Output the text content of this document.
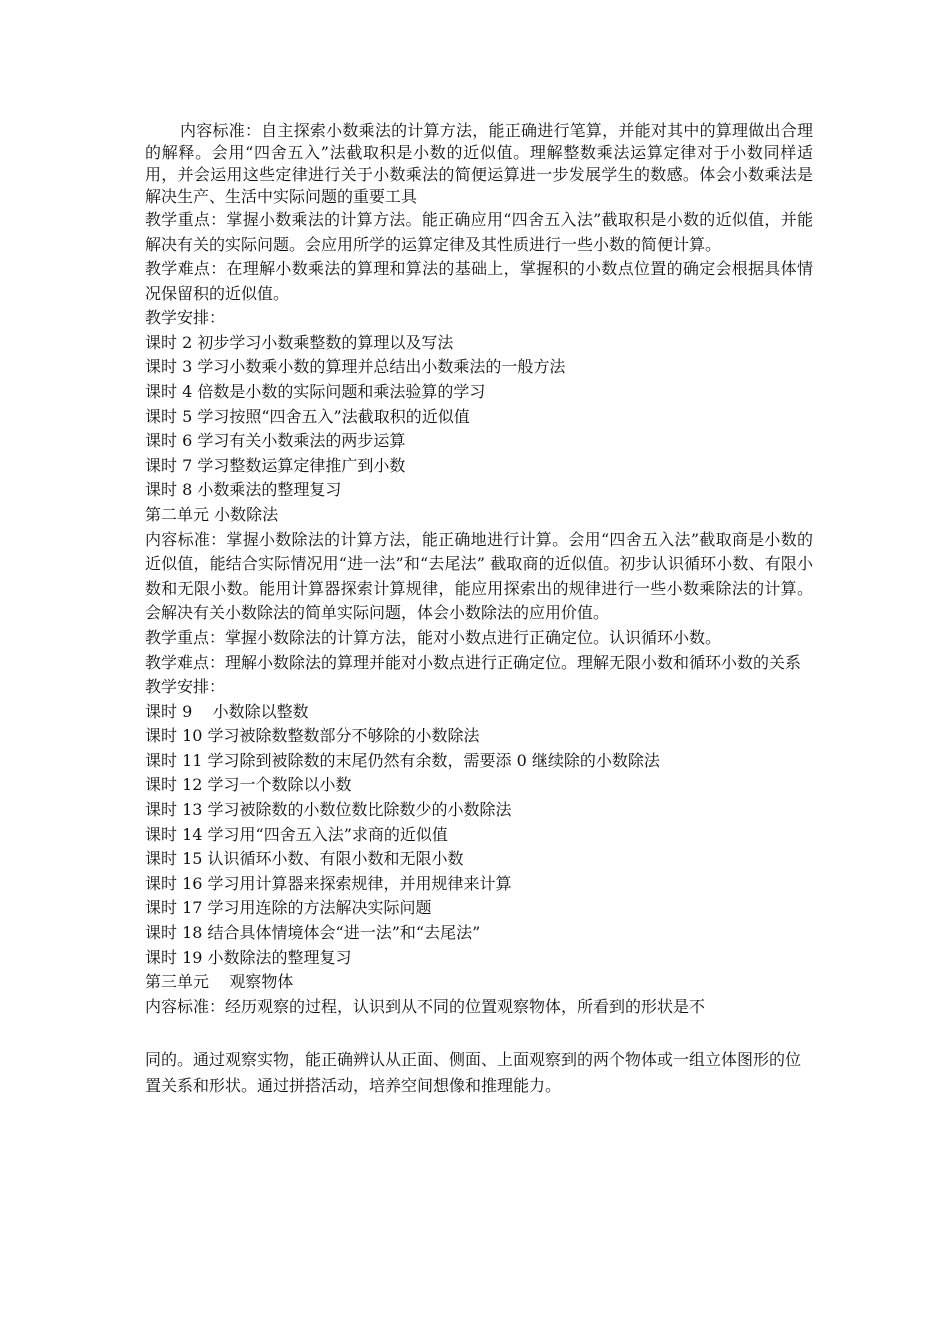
内容标准：自主探索小数乘法的计算方法，能正确进行笔算，并能对其中的算理做出合理的解释。会用“四舍五入”法截取积是小数的近似值。理解整数乘法运算定律对于小数同样适用，并会运用这些定律进行关于小数乘法的简便运算进一步发展学生的数感。体会小数乘法是解决生产、生活中实际问题的重要工具

教学重点：掌握小数乘法的计算方法。能正确应用“四舍五入法”截取积是小数的近似值，并能解决有关的实际问题。会应用所学的运算定律及其性质进行一些小数的简便计算。

教学难点：在理解小数乘法的算理和算法的基础上，掌握积的小数点位置的确定会根据具体情况保留积的近似值。
教学安排：
课时 2 初步学习小数乘整数的算理以及写法
课时 3 学习小数乘小数的算理并总结出小数乘法的一般方法
课时 4 倍数是小数的实际问题和乘法验算的学习
课时 5 学习按照“四舍五入”法截取积的近似值
课时 6 学习有关小数乘法的两步运算
课时 7 学习整数运算定律推广到小数
课时 8 小数乘法的整理复习
第二单元 小数除法
内容标准：掌握小数除法的计算方法，能正确地进行计算。会用“四舍五入法”截取商是小数的近似值，能结合实际情况用“进一法”和“去尾法” 截取商的近似值。初步认识循环小数、有限小数和无限小数。能用计算器探索计算规律，能应用探索出的规律进行一些小数乘除法的计算。会解决有关小数除法的简单实际问题，体会小数除法的应用价值。
教学重点：掌握小数除法的计算方法，能对小数点进行正确定位。认识循环小数。
教学难点：理解小数除法的算理并能对小数点进行正确定位。理解无限小数和循环小数的关系
教学安排：
课时 9    小数除以整数
课时 10 学习被除数整数部分不够除的小数除法
课时 11 学习除到被除数的末尾仍然有余数，需要添 0 继续除的小数除法
课时 12 学习一个数除以小数
课时 13 学习被除数的小数位数比除数少的小数除法
课时 14 学习用“四舍五入法”求商的近似值
课时 15 认识循环小数、有限小数和无限小数
课时 16 学习用计算器来探索规律，并用规律来计算
课时 17 学习用连除的方法解决实际问题
课时 18 结合具体情境体会“进一法”和“去尾法”
课时 19 小数除法的整理复习
第三单元    观察物体
内容标准：经历观察的过程，认识到从不同的位置观察物体，所看到的形状是不

同的。通过观察实物，能正确辨认从正面、侧面、上面观察到的两个物体或一组立体图形的位置关系和形状。通过拼搭活动，培养空间想像和推理能力。
